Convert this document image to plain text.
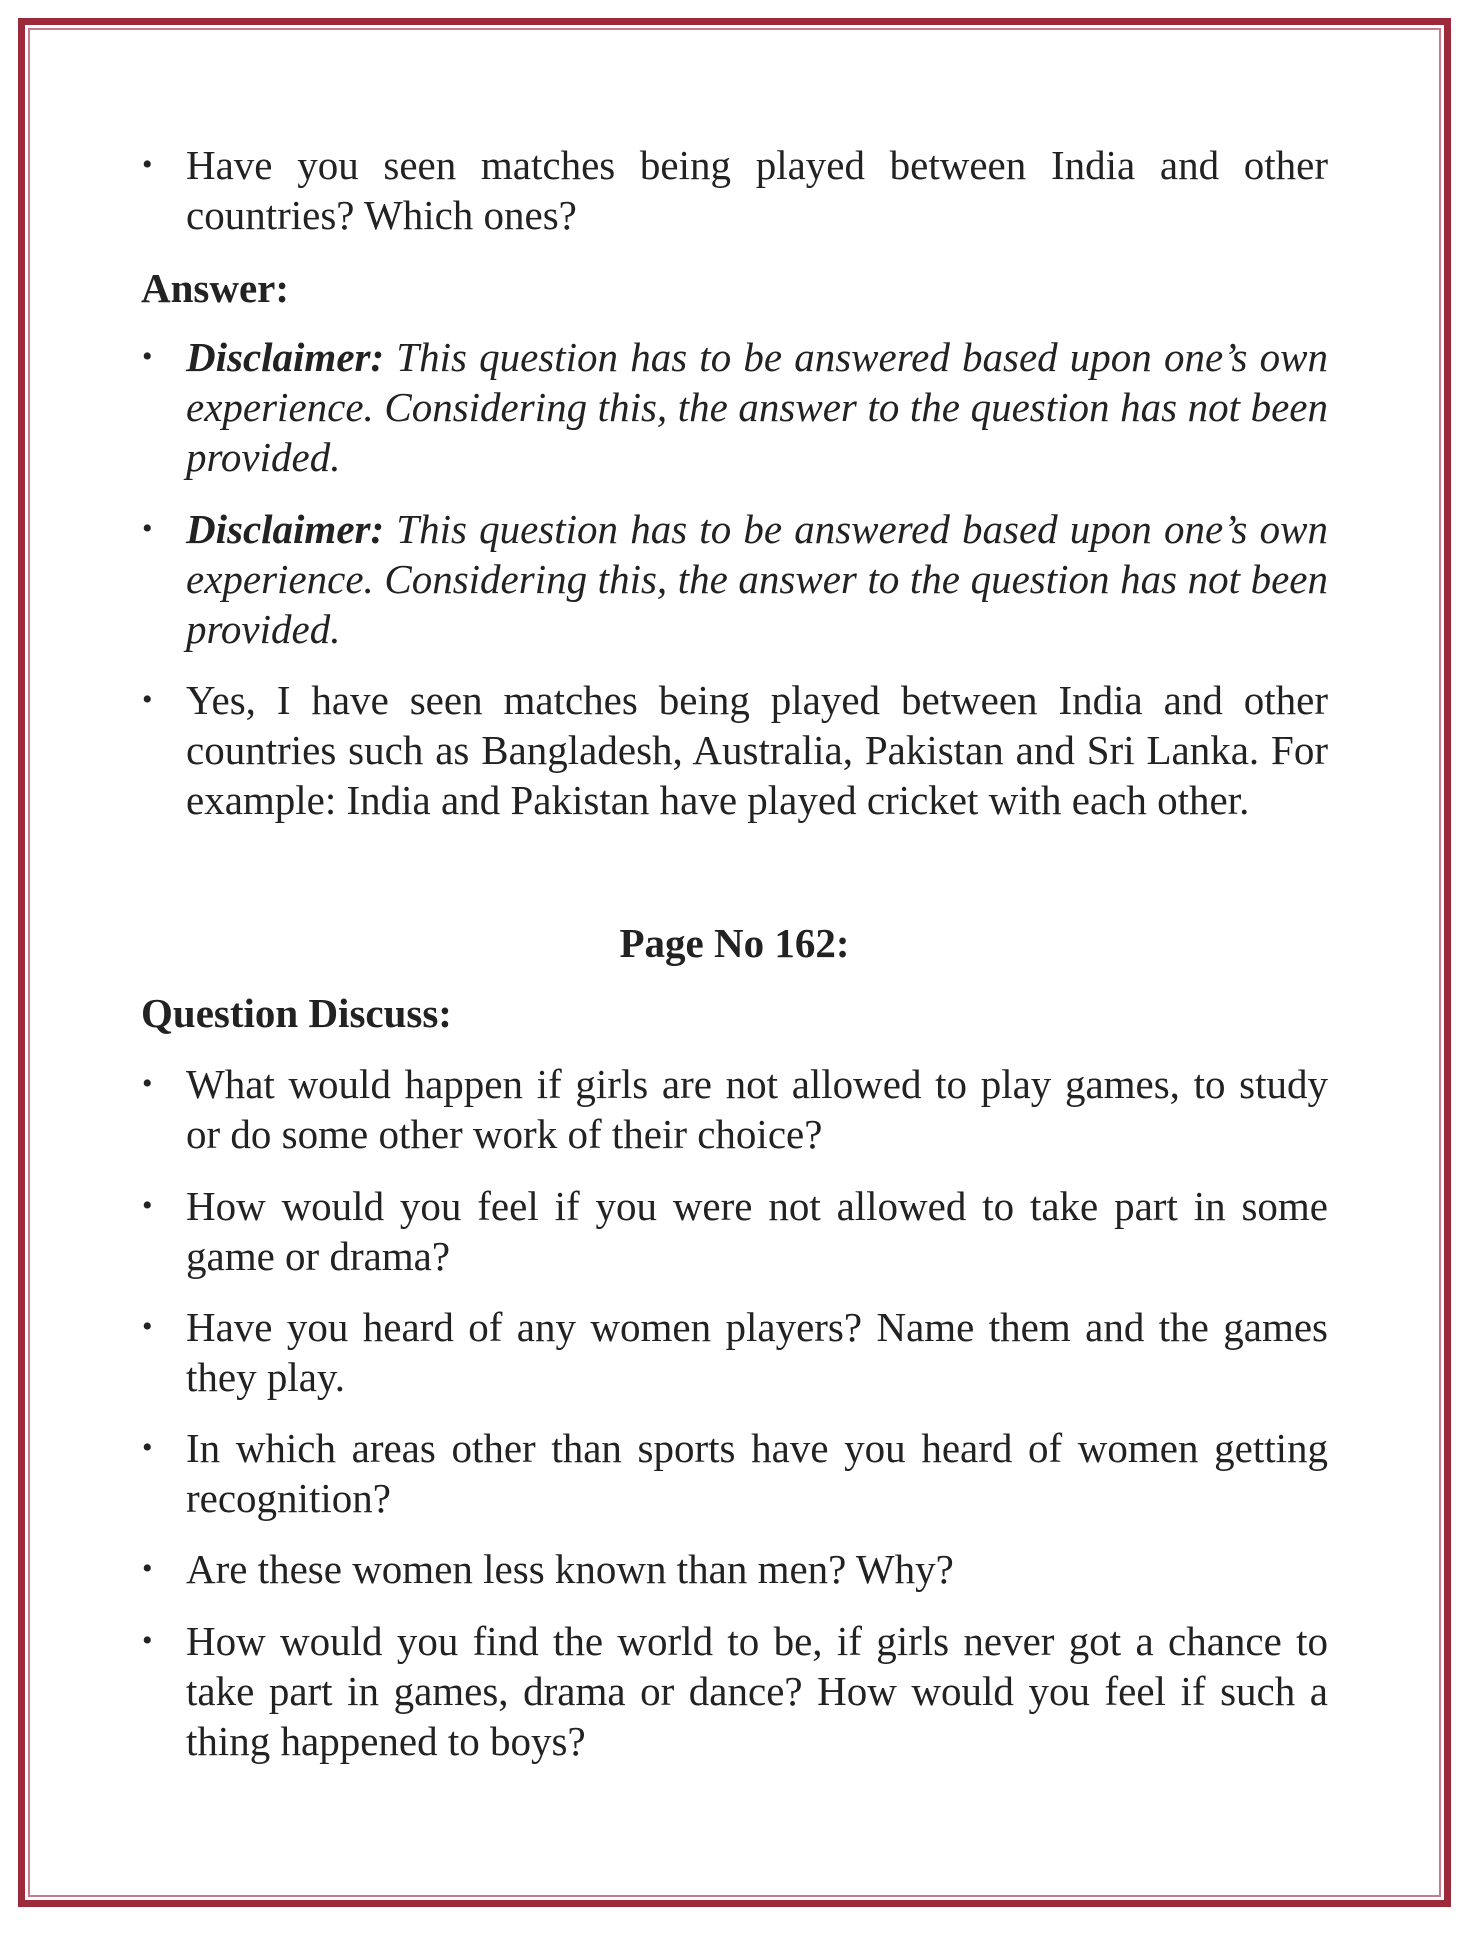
• Have you seen matches being played between India and other countries? Which ones?
Answer:
• Disclaimer: This question has to be answered based upon one’s own experience. Considering this, the answer to the question has not been provided.
• Disclaimer: This question has to be answered based upon one’s own experience. Considering this, the answer to the question has not been provided.
• Yes, I have seen matches being played between India and other countries such as Bangladesh, Australia, Pakistan and Sri Lanka. For example: India and Pakistan have played cricket with each other.
Page No 162:
Question Discuss:
• What would happen if girls are not allowed to play games, to study or do some other work of their choice?
• How would you feel if you were not allowed to take part in some game or drama?
• Have you heard of any women players? Name them and the games they play.
• In which areas other than sports have you heard of women getting recognition?
• Are these women less known than men? Why?
• How would you find the world to be, if girls never got a chance to take part in games, drama or dance? How would you feel if such a thing happened to boys?
